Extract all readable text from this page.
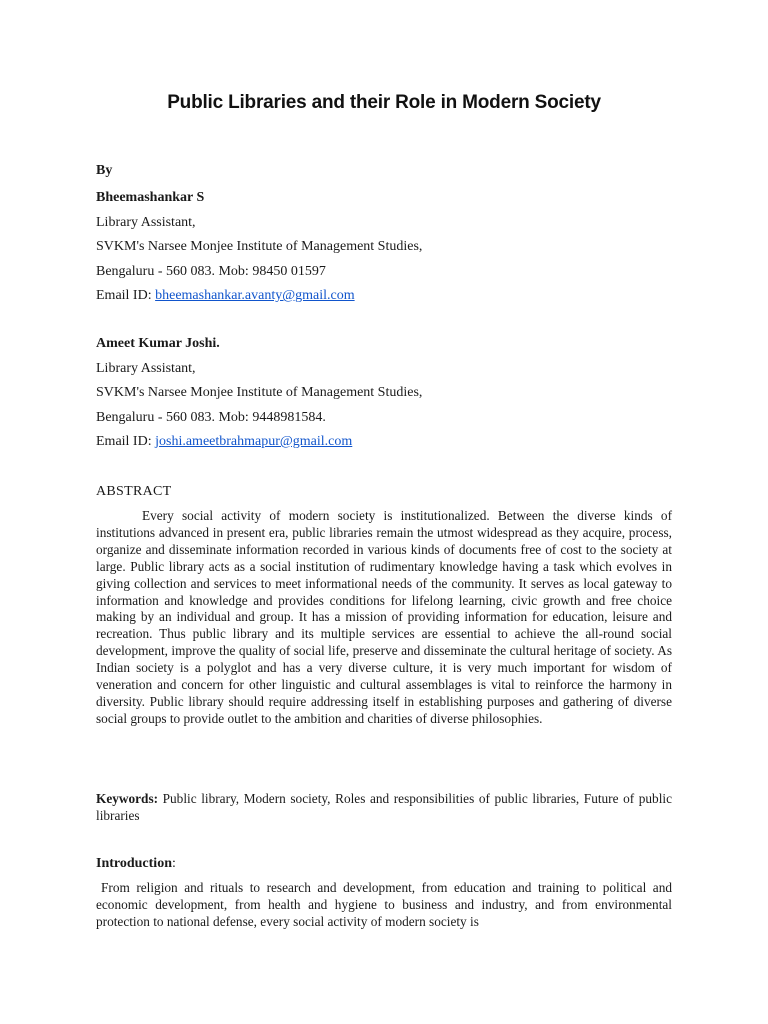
Public Libraries and their Role in Modern Society
By
Bheemashankar S
Library Assistant,
SVKM's Narsee Monjee Institute of Management Studies,
Bengaluru - 560 083. Mob: 98450 01597
Email ID: bheemashankar.avanty@gmail.com
Ameet Kumar Joshi.
Library Assistant,
SVKM's Narsee Monjee Institute of Management Studies,
Bengaluru - 560 083. Mob: 9448981584.
Email ID: joshi.ameetbrahmapur@gmail.com
ABSTRACT
Every social activity of modern society is institutionalized. Between the diverse kinds of institutions advanced in present era, public libraries remain the utmost widespread as they acquire, process, organize and disseminate information recorded in various kinds of documents free of cost to the society at large. Public library acts as a social institution of rudimentary knowledge having a task which evolves in giving collection and services to meet informational needs of the community. It serves as local gateway to information and knowledge and provides conditions for lifelong learning, civic growth and free choice making by an individual and group. It has a mission of providing information for education, leisure and recreation. Thus public library and its multiple services are essential to achieve the all-round social development, improve the quality of social life, preserve and disseminate the cultural heritage of society. As Indian society is a polyglot and has a very diverse culture, it is very much important for wisdom of veneration and concern for other linguistic and cultural assemblages is vital to reinforce the harmony in diversity. Public library should require addressing itself in establishing purposes and gathering of diverse social groups to provide outlet to the ambition and charities of diverse philosophies.
Keywords: Public library, Modern society, Roles and responsibilities of public libraries, Future of public libraries
Introduction:
From religion and rituals to research and development, from education and training to political and economic development, from health and hygiene to business and industry, and from environmental protection to national defense, every social activity of modern society is
